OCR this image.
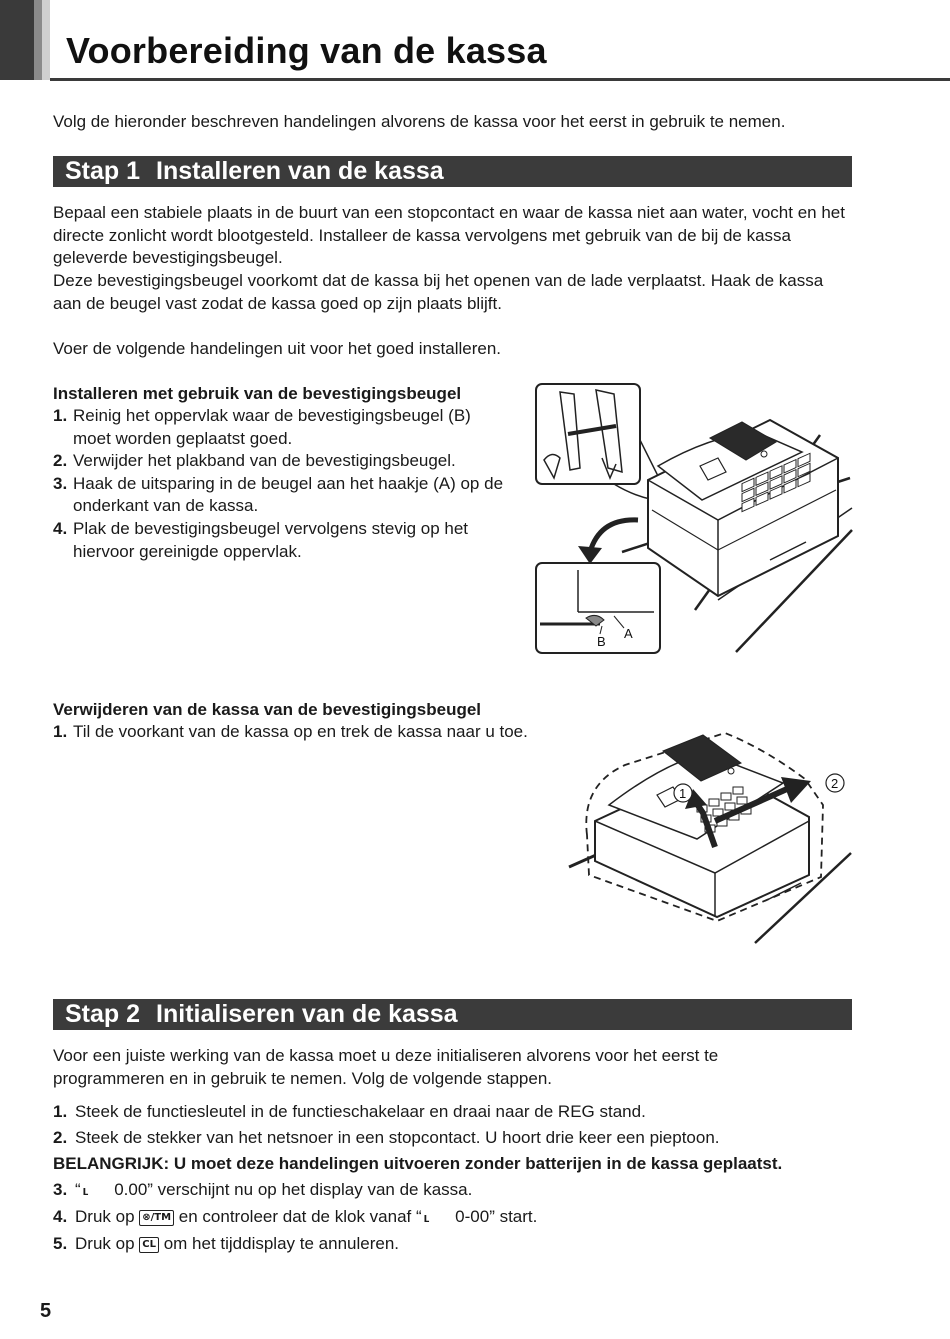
Voorbereiding van de kassa

Volg de hieronder beschreven handelingen alvorens de kassa voor het eerst in gebruik te nemen.

Stap 1 Installeren van de kassa

Bepaal een stabiele plaats in de buurt van een stopcontact en waar de kassa niet aan water, vocht en het directe zonlicht wordt blootgesteld. Installeer de kassa vervolgens met gebruik van de bij de kassa geleverde bevestigingsbeugel.

Deze bevestigingsbeugel voorkomt dat de kassa bij het openen van de lade verplaatst. Haak de kassa aan de beugel vast zodat de kassa goed op zijn plaats blijft.

Voer de volgende handelingen uit voor het goed installeren.

Installeren met gebruik van de bevestigingsbeugel

1. Reinig het oppervlak waar de bevestigingsbeugel (B) moet worden geplaatst goed.
2. Verwijder het plakband van de bevestigingsbeugel.
3. Haak de uitsparing in de beugel aan het haakje (A) op de onderkant van de kassa.
4. Plak de bevestigingsbeugel vervolgens stevig op het hiervoor gereinigde oppervlak.
B
A

Verwijderen van de kassa van de bevestigingsbeugel

1. Til de voorkant van de kassa op en trek de kassa naar u toe.
1
2
Stap 2 Initialiseren van de kassa

Voor een juiste werking van de kassa moet u deze initialiseren alvorens voor het eerst te programmeren en in gebruik te nemen. Volg de volgende stappen.

1. Steek de functiesleutel in de functieschakelaar en draai naar de REG stand.
2. Steek de stekker van het netsnoer in een stopcontact. U hoort drie keer een pieptoon.

BELANGRIJK: U moet deze handelingen uitvoeren zonder batterijen in de kassa geplaatst.

3. “ ʟ 0.00” verschijnt nu op het display van de kassa.
4. Druk op ⊗/TM en controleer dat de klok vanaf “ ʟ 0-00” start.
5. Druk op CL om het tijddisplay te annuleren.
5
